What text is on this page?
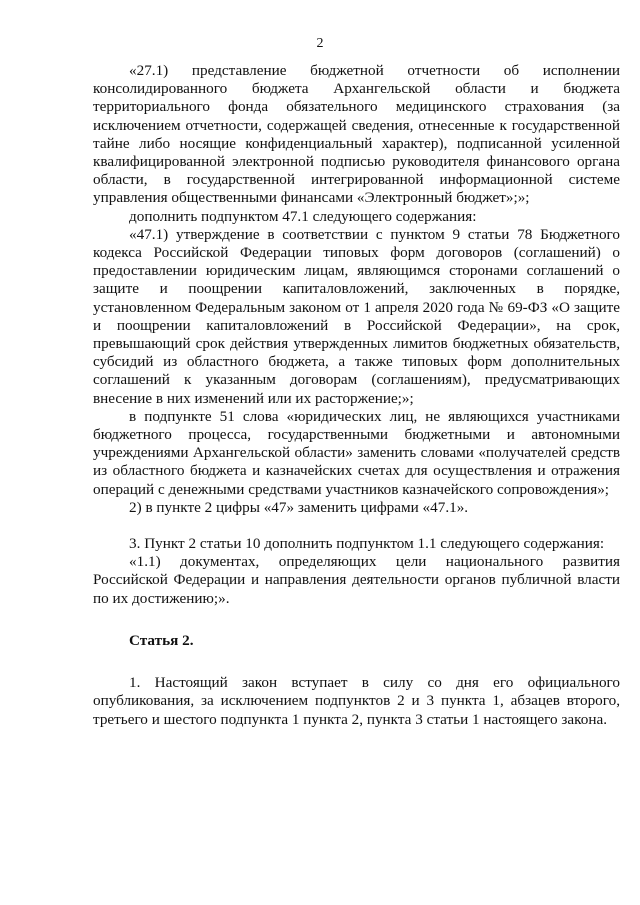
2

«27.1) представление бюджетной отчетности об исполнении консолидированного бюджета Архангельской области и бюджета территориального фонда обязательного медицинского страхования (за исключением отчетности, содержащей сведения, отнесенные к государственной тайне либо носящие конфиденциальный характер), подписанной усиленной квалифицированной электронной подписью руководителя финансового органа области, в государственной интегрированной информационной системе управления общественными финансами «Электронный бюджет»;»;

дополнить подпунктом 47.1 следующего содержания:

«47.1) утверждение в соответствии с пунктом 9 статьи 78 Бюджетного кодекса Российской Федерации типовых форм договоров (соглашений) о предоставлении юридическим лицам, являющимся сторонами соглашений о защите и поощрении капиталовложений, заключенных в порядке, установленном Федеральным законом от 1 апреля 2020 года № 69-ФЗ «О защите и поощрении капиталовложений в Российской Федерации», на срок, превышающий срок действия утвержденных лимитов бюджетных обязательств, субсидий из областного бюджета, а также типовых форм дополнительных соглашений к указанным договорам (соглашениям), предусматривающих внесение в них изменений или их расторжение;»;

в подпункте 51 слова «юридических лиц, не являющихся участниками бюджетного процесса, государственными бюджетными и автономными учреждениями Архангельской области» заменить словами «получателей средств из областного бюджета и казначейских счетах для осуществления и отражения операций с денежными средствами участников казначейского сопровождения»;

2) в пункте 2 цифры «47» заменить цифрами «47.1».

3. Пункт 2 статьи 10 дополнить подпунктом 1.1 следующего содержания:

«1.1) документах, определяющих цели национального развития Российской Федерации и направления деятельности органов публичной власти по их достижению;».

Статья 2.

1. Настоящий закон вступает в силу со дня его официального опубликования, за исключением подпунктов 2 и 3 пункта 1, абзацев второго, третьего и шестого подпункта 1 пункта 2, пункта 3 статьи 1 настоящего закона.
